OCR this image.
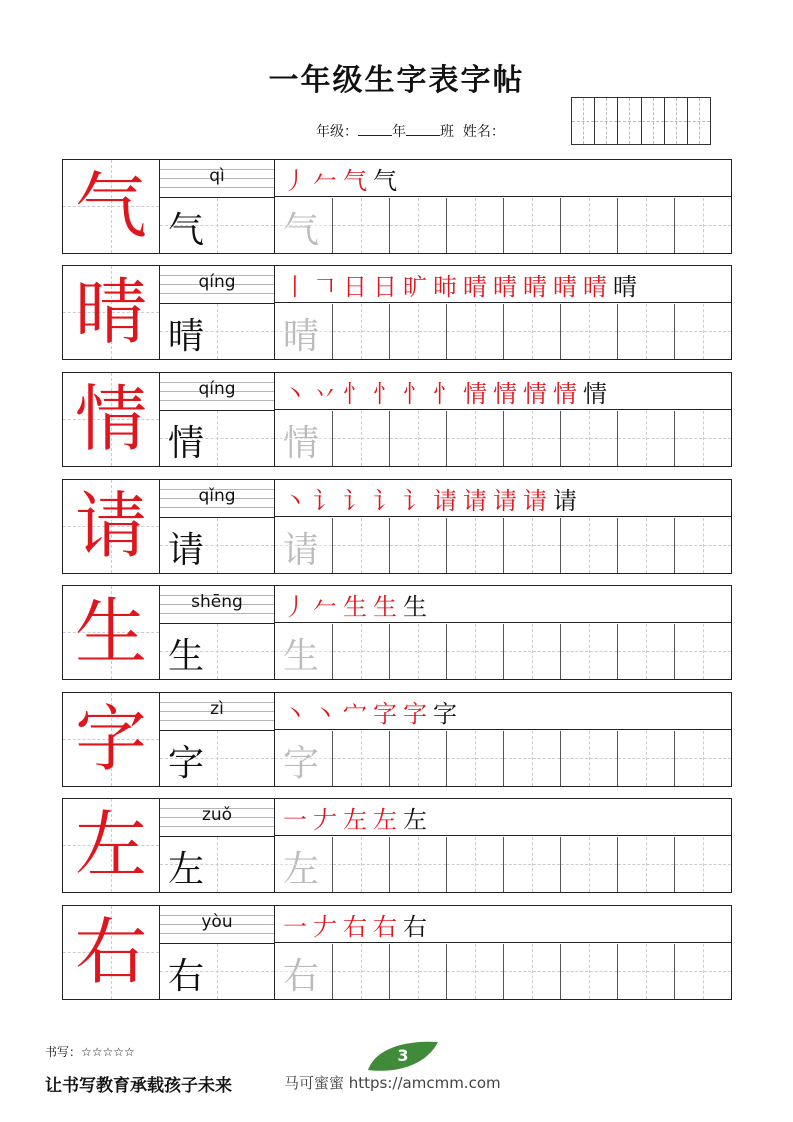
一年级生字表字帖
年级： 年 班 姓名：
气	qì	丿 𠂉 气 气
气 气
晴	qíng	丨 𠃍 日 日 旷 昁 晴 晴 晴 晴 晴 晴
晴 晴
情	qíng	丶 丷 忄 忄 忄 忄 情 情 情 情 情
情 情
请	qǐng	丶 讠 讠 讠 讠 请 请 请 请 请
请 请
生	shēng	丿 𠂉 生 生 生
生 生
字	zì	丶 丶 宀 字 字 字
字 字
左	zuǒ	一 𠂇 左 左 左
左 左
右	yòu	一 𠂇 右 右 右
右 右
书写：☆☆☆☆☆	3
让书写教育承载孩子未来	马可蜜蜜 https://amcmm.com
